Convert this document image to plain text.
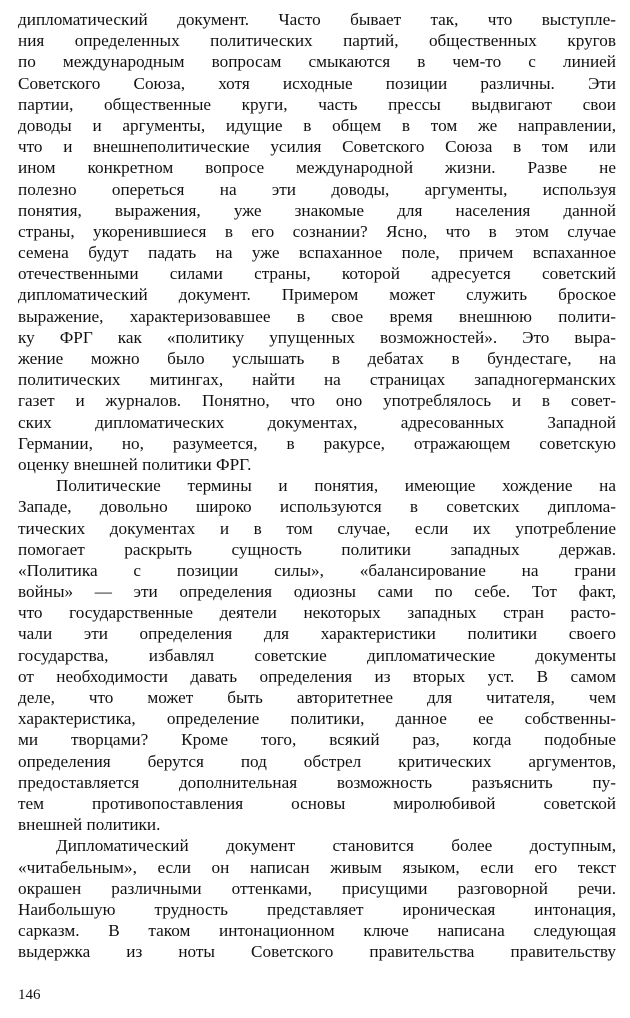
дипломатический документ. Часто бывает так, что выступле-
ния определенных политических партий, общественных кругов
по международным вопросам смыкаются в чем-то с линией
Советского Союза, хотя исходные позиции различны. Эти
партии, общественные круги, часть прессы выдвигают свои
доводы и аргументы, идущие в общем в том же направлении,
что и внешнеполитические усилия Советского Союза в том или
ином конкретном вопросе международной жизни. Разве не
полезно опереться на эти доводы, аргументы, используя
понятия, выражения, уже знакомые для населения данной
страны, укоренившиеся в его сознании? Ясно, что в этом случае
семена будут падать на уже вспаханное поле, причем вспаханное
отечественными силами страны, которой адресуется советский
дипломатический документ. Примером может служить броское
выражение, характеризовавшее в свое время внешнюю полити-
ку ФРГ как «политику упущенных возможностей». Это выра-
жение можно было услышать в дебатах в бундестаге, на
политических митингах, найти на страницах западногерманских
газет и журналов. Понятно, что оно употреблялось и в совет-
ских дипломатических документах, адресованных Западной
Германии, но, разумеется, в ракурсе, отражающем советскую
оценку внешней политики ФРГ.
Политические термины и понятия, имеющие хождение на
Западе, довольно широко используются в советских диплома-
тических документах и в том случае, если их употребление
помогает раскрыть сущность политики западных держав.
«Политика с позиции силы», «балансирование на грани
войны» — эти определения одиозны сами по себе. Тот факт,
что государственные деятели некоторых западных стран расто-
чали эти определения для характеристики политики своего
государства, избавлял советские дипломатические документы
от необходимости давать определения из вторых уст. В самом
деле, что может быть авторитетнее для читателя, чем
характеристика, определение политики, данное ее собственны-
ми творцами? Кроме того, всякий раз, когда подобные
определения берутся под обстрел критических аргументов,
предоставляется дополнительная возможность разъяснить пу-
тем противопоставления основы миролюбивой советской
внешней политики.
Дипломатический документ становится более доступным,
«читабельным», если он написан живым языком, если его текст
окрашен различными оттенками, присущими разговорной речи.
Наибольшую трудность представляет ироническая интонация,
сарказм. В таком интонационном ключе написана следующая
выдержка из ноты Советского правительства правительству
146
